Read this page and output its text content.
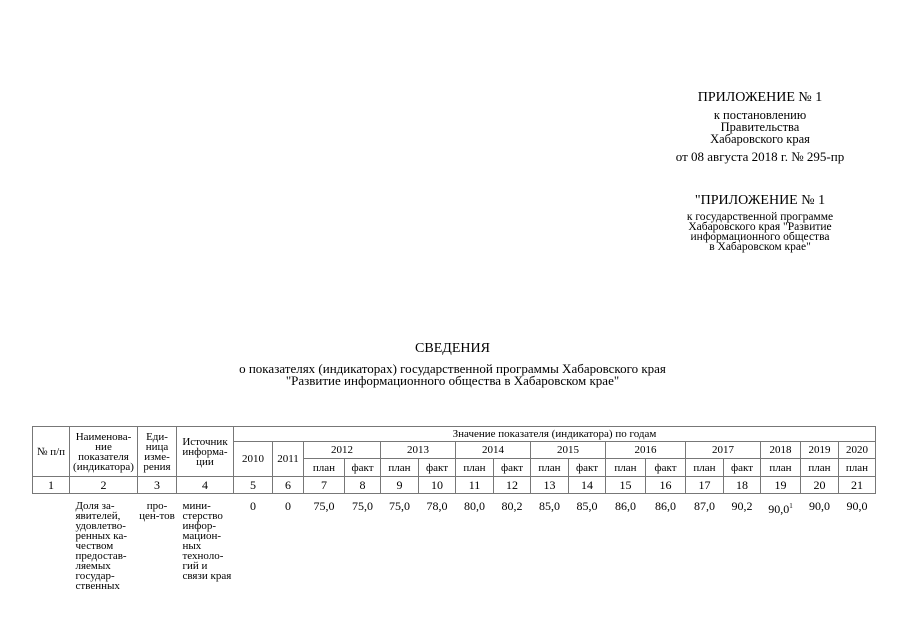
ПРИЛОЖЕНИЕ № 1
к постановлению
Правительства
Хабаровского края
от 08 августа 2018 г. № 295-пр
"ПРИЛОЖЕНИЕ № 1
к государственной программе
Хабаровского края "Развитие
информационного общества
в Хабаровском крае"
СВЕДЕНИЯ
о показателях (индикаторах) государственной программы Хабаровского края
"Развитие информационного общества в Хабаровском крае"
№ п/п	Наименова-ние показателя (индикатора)	Еди-ница изме-рения	Источник информа-ции	Значение показателя (индикатора) по годам																
				2010	2011	2012		2013		2014		2015		2016		2017		2018	2019	2020
						план	факт	план	факт	план	факт	план	факт	план	факт	план	факт	план	план	план
1	2	3	4	5	6	7	8	9	10	11	12	13	14	15	16	17	18	19	20	21
	Доля за-явителей, удовлетво-ренных ка-чеством предостав-ляемых государ-ственных	про-цен-тов	мини-стерство инфор-мацион-ных техноло-гий и связи края	0	0	75,0	75,0	75,0	78,0	80,0	80,2	85,0	85,0	86,0	86,0	87,0	90,2	90,0$^1$	90,0	90,0
